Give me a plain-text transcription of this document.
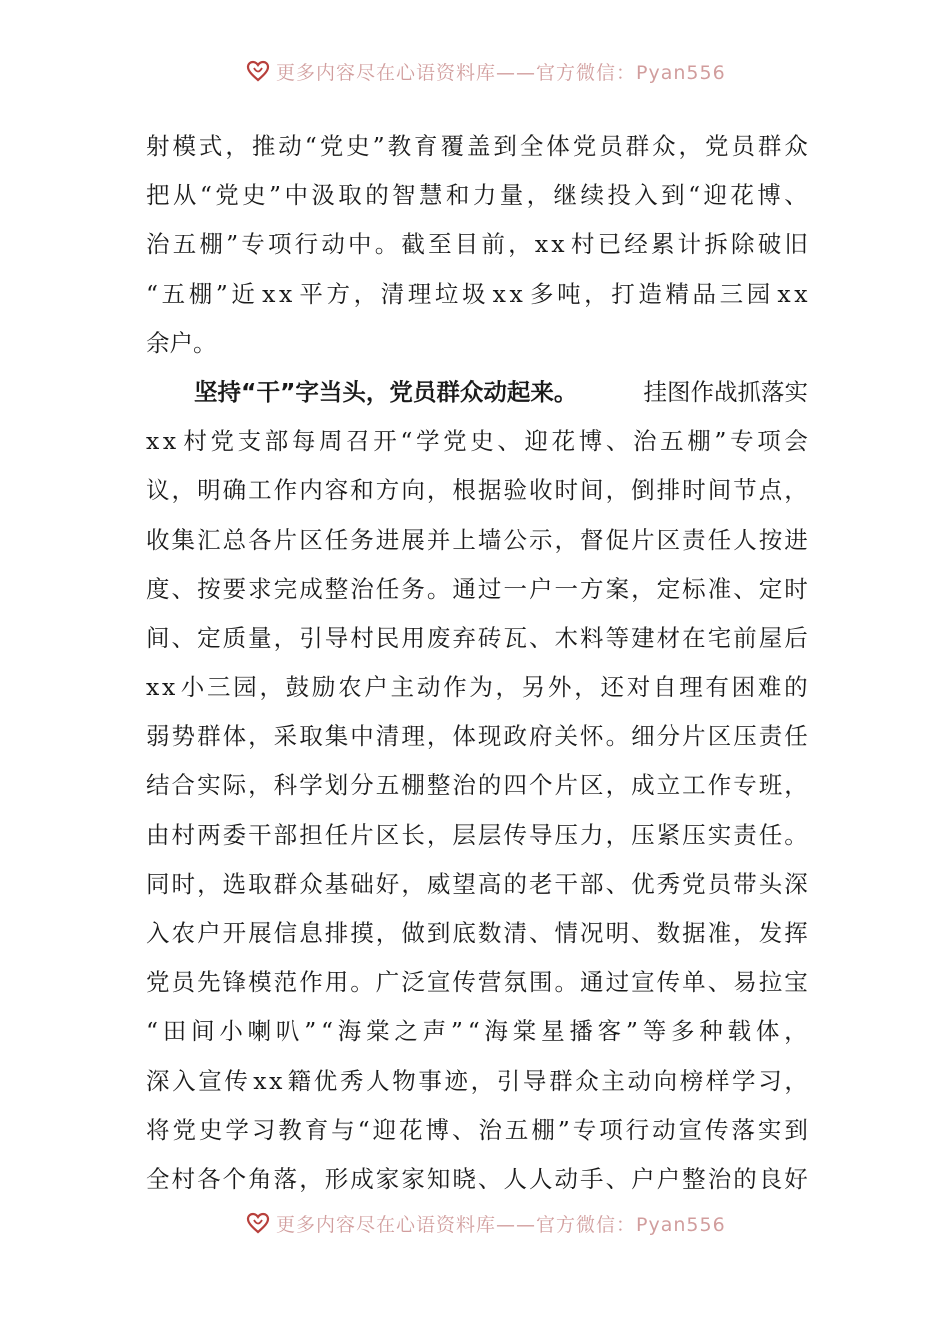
更多内容尽在心语资料库——官方微信：Pyan556
射 模 式 ， 推 动 “ 党 史 ” 教 育 覆 盖 到 全 体 党 员 群 众 ， 党 员 群 众
把 从 “ 党 史 ” 中 汲 取 的 智 慧 和 力 量 ， 继 续 投 入 到 “ 迎 花 博 、
治 五 棚 ” 专 项 行 动 中 。 截 至 目 前 ， x x 村 已 经 累 计 拆 除 破 旧
“ 五 棚 ” 近 x x 平 方 ， 清 理 垃 圾 x x 多 吨 ， 打 造 精 品 三 园 x x
余户。
坚持“干”字当头，党员群众动起来。	挂图作战抓落实
x x 村 党 支 部 每 周 召 开 “ 学 党 史 、 迎 花 博 、 治 五 棚 ” 专 项 会
议 ， 明 确 工 作 内 容 和 方 向 ， 根 据 验 收 时 间 ， 倒 排 时 间 节 点 ，
收 集 汇 总 各 片 区 任 务 进 展 并 上 墙 公 示 ， 督 促 片 区 责 任 人 按 进
度 、 按 要 求 完 成 整 治 任 务 。 通 过 一 户 一 方 案 ， 定 标 准 、 定 时
间 、 定 质 量 ， 引 导 村 民 用 废 弃 砖 瓦 、 木 料 等 建 材 在 宅 前 屋 后
x x 小 三 园 ， 鼓 励 农 户 主 动 作 为 ， 另 外 ， 还 对 自 理 有 困 难 的
弱 势 群 体 ， 采 取 集 中 清 理 ， 体 现 政 府 关 怀 。 细 分 片 区 压 责 任
结 合 实 际 ， 科 学 划 分 五 棚 整 治 的 四 个 片 区 ， 成 立 工 作 专 班 ，
由 村 两 委 干 部 担 任 片 区 长 ， 层 层 传 导 压 力 ， 压 紧 压 实 责 任 。
同 时 ， 选 取 群 众 基 础 好 ， 威 望 高 的 老 干 部 、 优 秀 党 员 带 头 深
入 农 户 开 展 信 息 排 摸 ， 做 到 底 数 清 、 情 况 明 、 数 据 准 ， 发 挥
党 员 先 锋 模 范 作 用 。 广 泛 宣 传 营 氛 围 。 通 过 宣 传 单 、 易 拉 宝
“ 田 间 小 喇 叭 ” “ 海 棠 之 声 ” “ 海 棠 星 播 客 ” 等 多 种 载 体 ，
深 入 宣 传 x x 籍 优 秀 人 物 事 迹 ， 引 导 群 众 主 动 向 榜 样 学 习 ，
将 党 史 学 习 教 育 与 “ 迎 花 博 、 治 五 棚 ” 专 项 行 动 宣 传 落 实 到
全 村 各 个 角 落 ， 形 成 家 家 知 晓 、 人 人 动 手 、 户 户 整 治 的 良 好
更多内容尽在心语资料库——官方微信：Pyan556
